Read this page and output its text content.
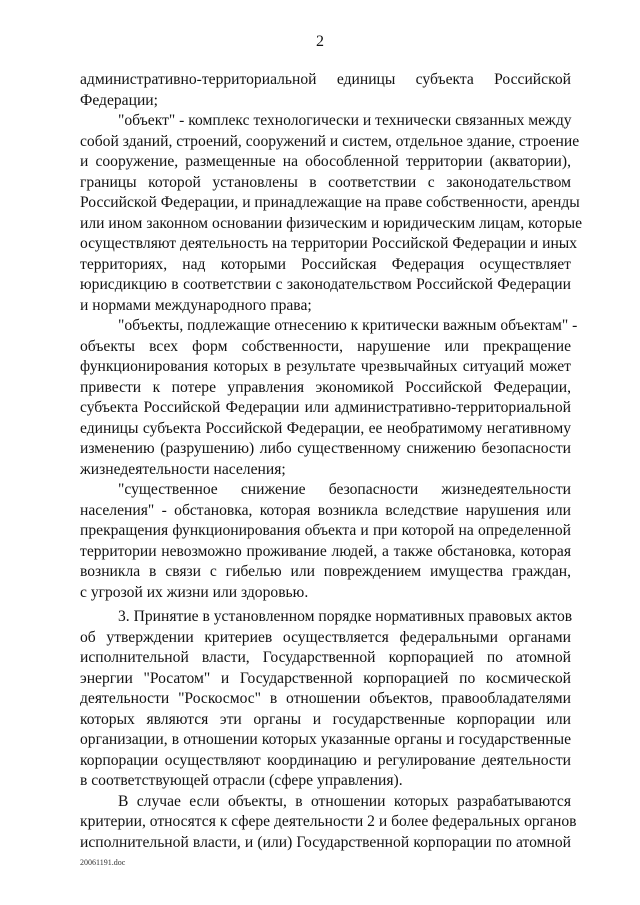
2
административно-территориальной единицы субъекта Российской
Федерации;
"объект" - комплекс технологически и технически связанных между
собой зданий, строений, сооружений и систем, отдельное здание, строение
и сооружение, размещенные на обособленной территории (акватории),
границы которой установлены в соответствии с законодательством
Российской Федерации, и принадлежащие на праве собственности, аренды
или ином законном основании физическим и юридическим лицам, которые
осуществляют деятельность на территории Российской Федерации и иных
территориях, над которыми Российская Федерация осуществляет
юрисдикцию в соответствии с законодательством Российской Федерации
и нормами международного права;
"объекты, подлежащие отнесению к критически важным объектам" -
объекты всех форм собственности, нарушение или прекращение
функционирования которых в результате чрезвычайных ситуаций может
привести к потере управления экономикой Российской Федерации,
субъекта Российской Федерации или административно-территориальной
единицы субъекта Российской Федерации, ее необратимому негативному
изменению (разрушению) либо существенному снижению безопасности
жизнедеятельности населения;
"существенное снижение безопасности жизнедеятельности
населения" - обстановка, которая возникла вследствие нарушения или
прекращения функционирования объекта и при которой на определенной
территории невозможно проживание людей, а также обстановка, которая
возникла в связи с гибелью или повреждением имущества граждан,
с угрозой их жизни или здоровью.
3. Принятие в установленном порядке нормативных правовых актов
об утверждении критериев осуществляется федеральными органами
исполнительной власти, Государственной корпорацией по атомной
энергии "Росатом" и Государственной корпорацией по космической
деятельности "Роскосмос" в отношении объектов, правообладателями
которых являются эти органы и государственные корпорации или
организации, в отношении которых указанные органы и государственные
корпорации осуществляют координацию и регулирование деятельности
в соответствующей отрасли (сфере управления).
В случае если объекты, в отношении которых разрабатываются
критерии, относятся к сфере деятельности 2 и более федеральных органов
исполнительной власти, и (или) Государственной корпорации по атомной
20061191.doc
